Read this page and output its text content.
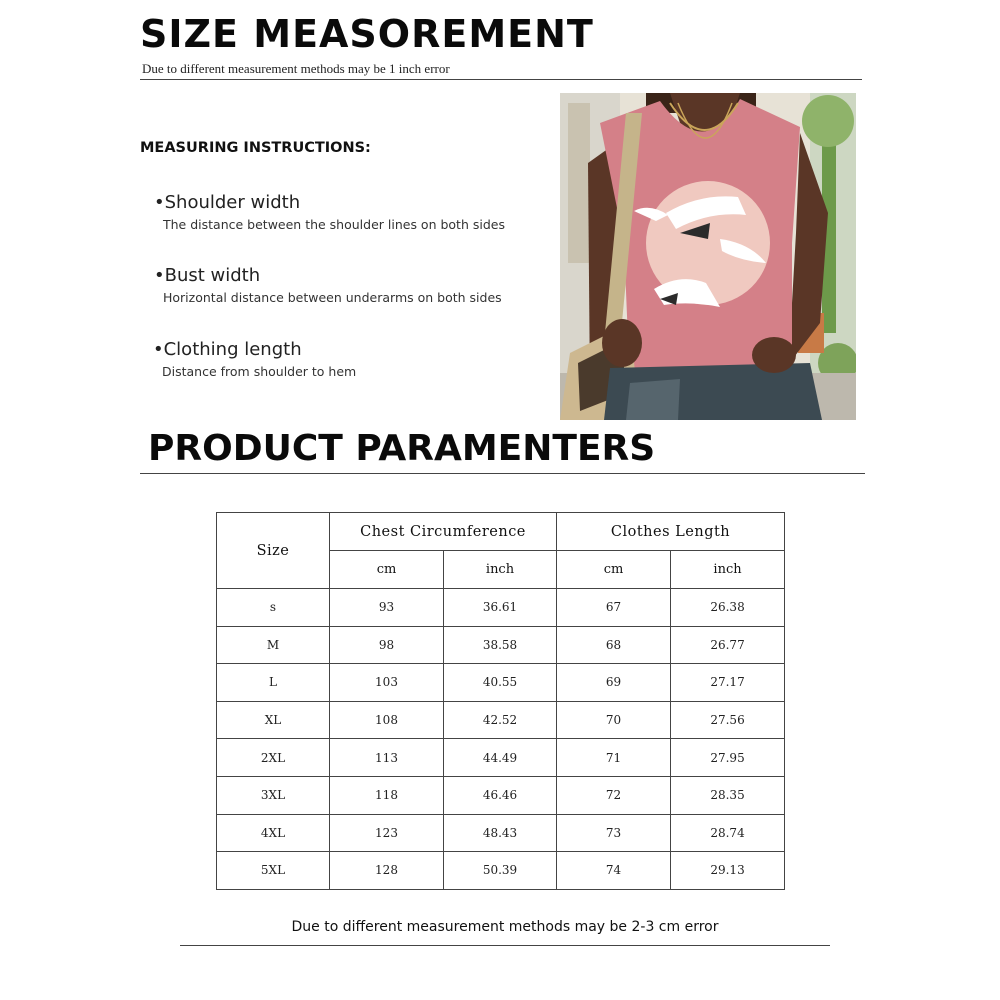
SIZE MEASOREMENT
Due to different measurement methods may be 1 inch error
MEASURING INSTRUCTIONS:
•Shoulder width
The distance between the shoulder lines on both sides
•Bust width
Horizontal distance between underarms on both sides
•Clothing length
Distance from shoulder to hem
PRODUCT PARAMENTERS
Size	Chest Circumference		Clothes Length	
	cm	inch	cm	inch
s	93	36.61	67	26.38
M	98	38.58	68	26.77
L	103	40.55	69	27.17
XL	108	42.52	70	27.56
2XL	113	44.49	71	27.95
3XL	118	46.46	72	28.35
4XL	123	48.43	73	28.74
5XL	128	50.39	74	29.13
Due to different measurement methods may be 2-3 cm error
